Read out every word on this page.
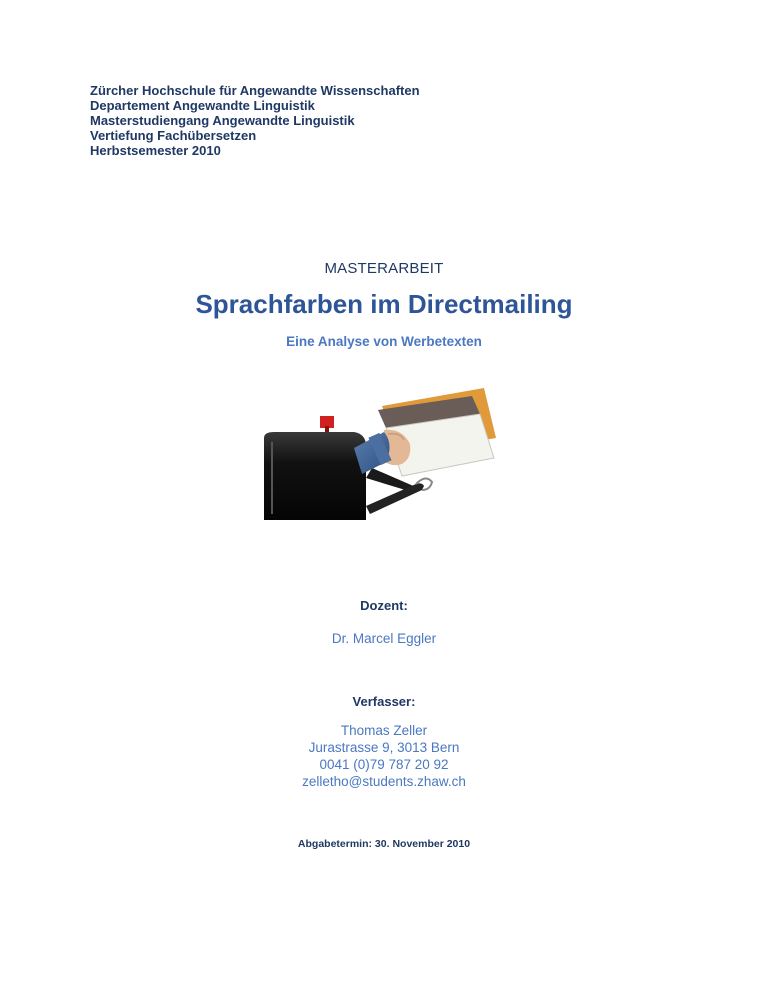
Zürcher Hochschule für Angewandte Wissenschaften
Departement Angewandte Linguistik
Masterstudiengang Angewandte Linguistik
Vertiefung Fachübersetzen
Herbstsemester 2010
MASTERARBEIT
Sprachfarben im Directmailing
Eine Analyse von Werbetexten
Dozent:
Dr. Marcel Eggler
Verfasser:
Thomas Zeller
Jurastrasse 9, 3013 Bern
0041 (0)79 787 20 92
zelletho@students.zhaw.ch
Abgabetermin: 30. November 2010
